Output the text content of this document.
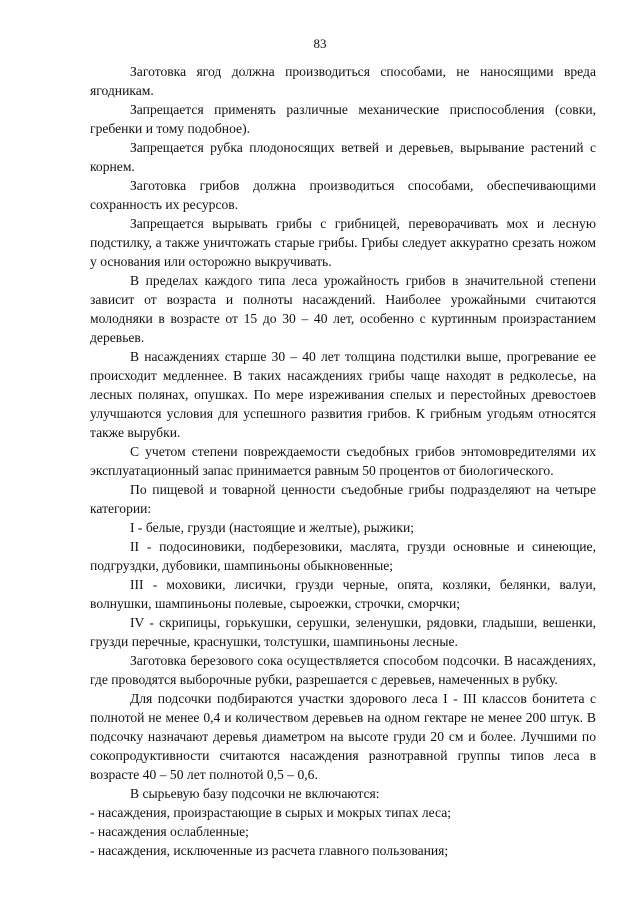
83

Заготовка ягод должна производиться способами, не наносящими вреда ягодникам.

Запрещается применять различные механические приспособления (совки, гребенки и тому подобное).

Запрещается рубка плодоносящих ветвей и деревьев, вырывание растений с корнем.

Заготовка грибов должна производиться способами, обеспечивающими сохранность их ресурсов.

Запрещается вырывать грибы с грибницей, переворачивать мох и лесную подстилку, а также уничтожать старые грибы. Грибы следует аккуратно срезать ножом у основания или осторожно выкручивать.

В пределах каждого типа леса урожайность грибов в значительной степени зависит от возраста и полноты насаждений. Наиболее урожайными считаются молодняки в возрасте от 15 до 30 – 40 лет, особенно с куртинным произрастанием деревьев.

В насаждениях старше 30 – 40 лет толщина подстилки выше, прогревание ее происходит медленнее. В таких насаждениях грибы чаще находят в редколесье, на лесных полянах, опушках. По мере изреживания спелых и перестойных древостоев улучшаются условия для успешного развития грибов. К грибным угодьям относятся также вырубки.

С учетом степени повреждаемости съедобных грибов энтомовредителями их эксплуатационный запас принимается равным 50 процентов от биологического.

По пищевой и товарной ценности съедобные грибы подразделяют на четыре категории:

I - белые, грузди (настоящие и желтые), рыжики;

II - подосиновики, подберезовики, маслята, грузди основные и синеющие, подгруздки, дубовики, шампиньоны обыкновенные;

III - моховики, лисички, грузди черные, опята, козляки, белянки, валуи, волнушки, шампиньоны полевые, сыроежки, строчки, сморчки;

IV - скрипицы, горькушки, серушки, зеленушки, рядовки, гладыши, вешенки, грузди перечные, краснушки, толстушки, шампиньоны лесные.

Заготовка березового сока осуществляется способом подсочки. В насаждениях, где проводятся выборочные рубки, разрешается с деревьев, намеченных в рубку.

Для подсочки подбираются участки здорового леса I - III классов бонитета с полнотой не менее 0,4 и количеством деревьев на одном гектаре не менее 200 штук. В подсочку назначают деревья диаметром на высоте груди 20 см и более. Лучшими по сокопродуктивности считаются насаждения разнотравной группы типов леса в возрасте 40 – 50 лет полнотой 0,5 – 0,6.

В сырьевую базу подсочки не включаются:

- насаждения, произрастающие в сырых и мокрых типах леса;

- насаждения ослабленные;

- насаждения, исключенные из расчета главного пользования;
